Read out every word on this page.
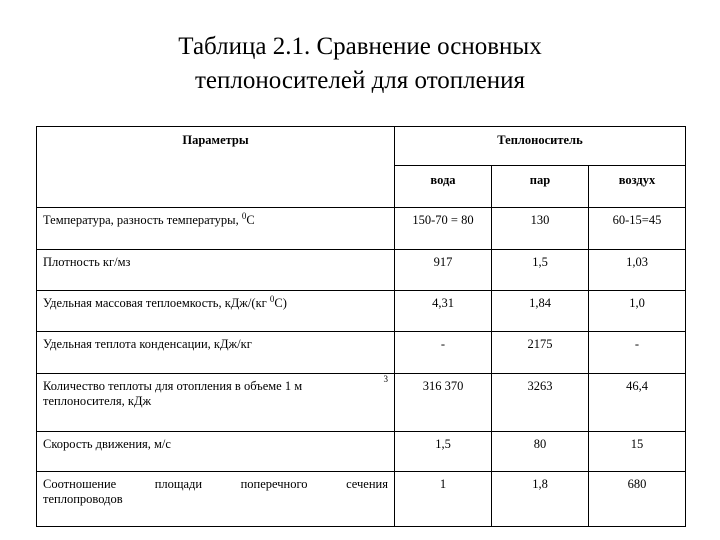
Таблица 2.1. Сравнение основных
теплоносителей для отопления
Параметры	Теплоноситель		
	вода	пар	воздух
Температура, разность температуры, $^0$С	150-70 = 80	130	60-15=45
Плотность кг/мз	917	1,5	1,03
Удельная массовая теплоемкость, кДж/(кг $^0$С)	4,31	1,84	1,0
Удельная теплота конденсации, кДж/кг	-	2175	-

Количество теплоты для отопления в объеме 1 м 3
теплоносителя, кДж	316 370	3263	46,4
Скорость движения, м/с	1,5	80	15

Соотношение площади поперечного сечения
теплопроводов	1	1,8	680
